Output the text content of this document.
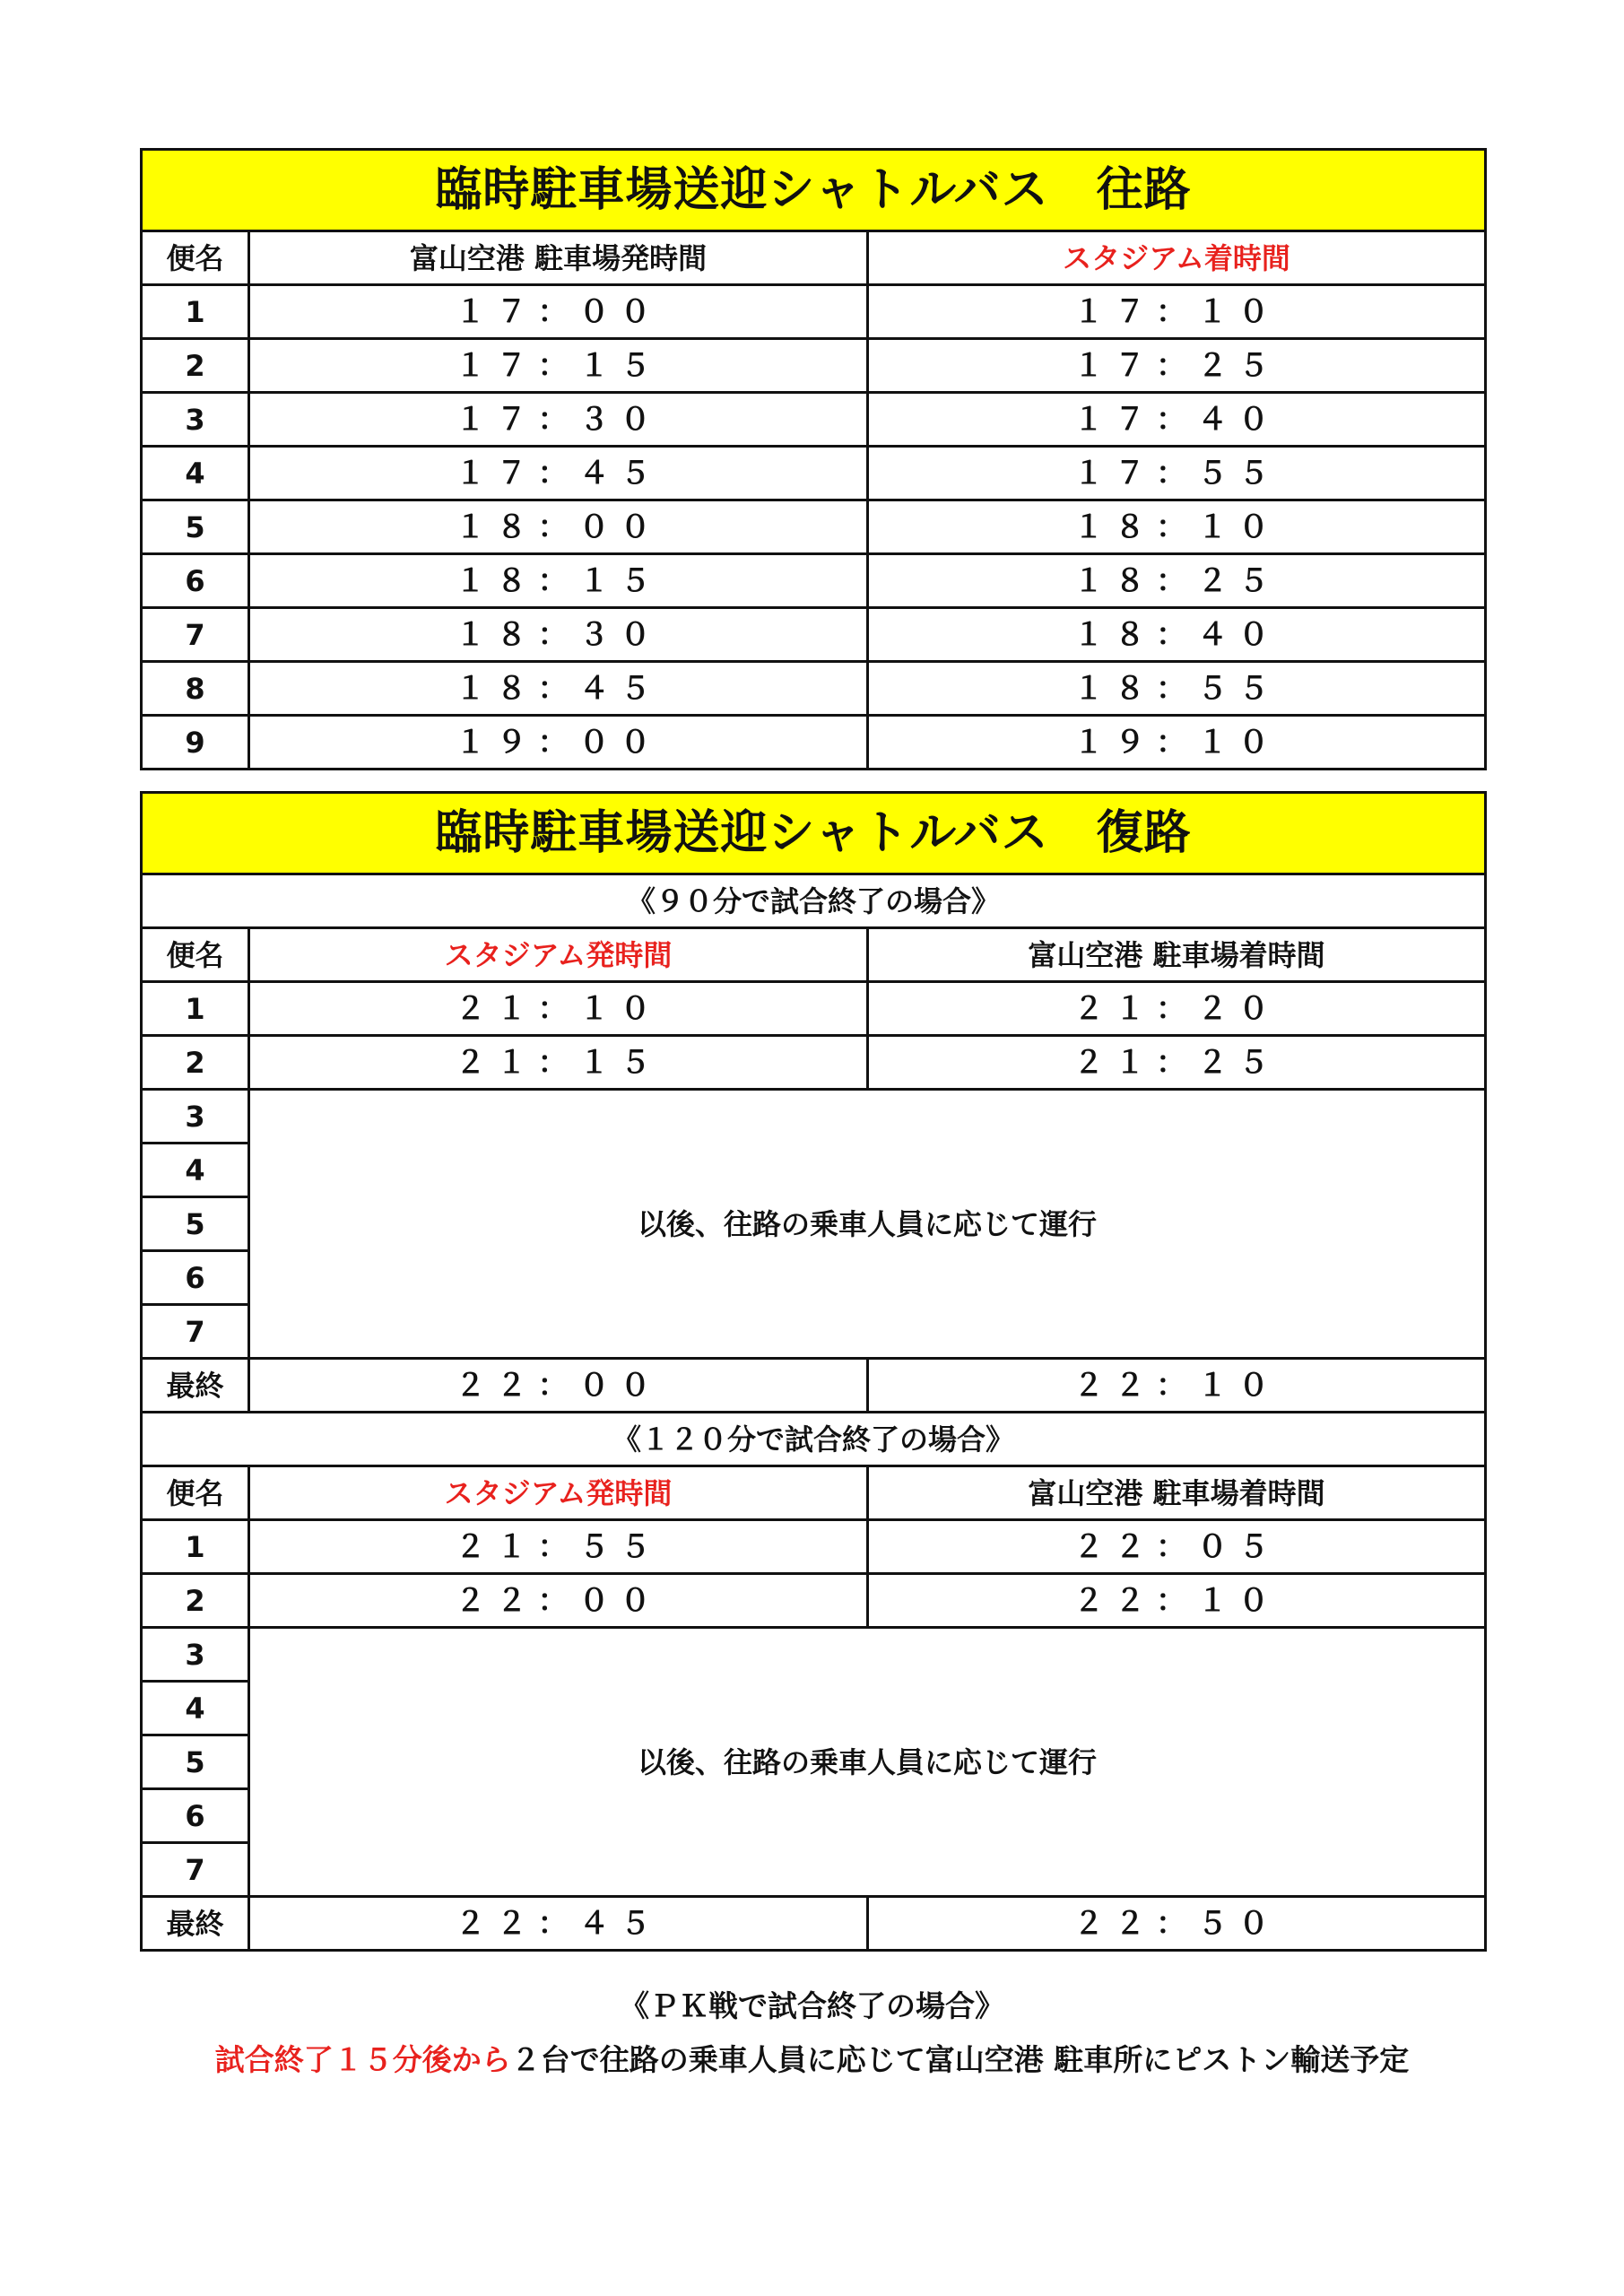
臨時駐車場送迎シャトルバス　往路		
便名	富山空港 駐車場発時間	スタジアム着時間
1	１７：００	１７：１０
2	１７：１５	１７：２５
3	１７：３０	１７：４０
4	１７：４５	１７：５５
5	１８：００	１８：１０
6	１８：１５	１８：２５
7	１８：３０	１８：４０
8	１８：４５	１８：５５
9	１９：００	１９：１０
臨時駐車場送迎シャトルバス　復路		
《９０分で試合終了の場合》		
便名	スタジアム発時間	富山空港 駐車場着時間
1	２１：１０	２１：２０
2	２１：１５	２１：２５
3	以後、往路の乗車人員に応じて運行	
4		
5		
6		
7		
最終	２２：００	２２：１０
《１２０分で試合終了の場合》		
便名	スタジアム発時間	富山空港 駐車場着時間
1	２１：５５	２２：０５
2	２２：００	２２：１０
3	以後、往路の乗車人員に応じて運行	
4		
5		
6		
7		
最終	２２：４５	２２：５０
《ＰＫ戦で試合終了の場合》
試合終了１５分後から２台で往路の乗車人員に応じて富山空港 駐車所にピストン輸送予定
